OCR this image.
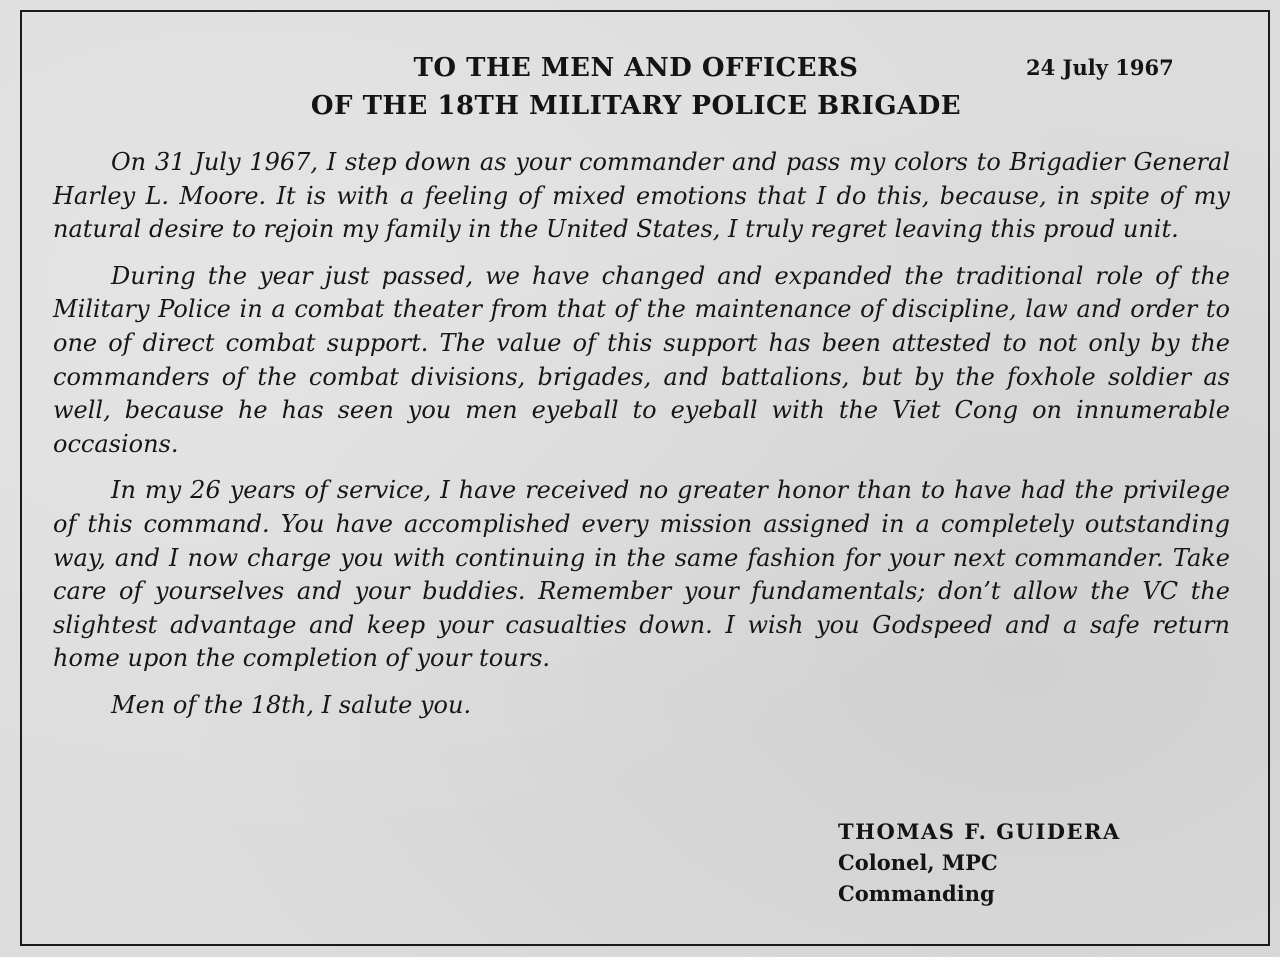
TO THE MEN AND OFFICERS
OF THE 18TH MILITARY POLICE BRIGADE
24 July 1967

On 31 July 1967, I step down as your commander and pass my colors to Brigadier General Harley L. Moore. It is with a feeling of mixed emotions that I do this, because, in spite of my natural desire to rejoin my family in the United States, I truly regret leaving this proud unit.

During the year just passed, we have changed and expanded the traditional role of the Military Police in a combat theater from that of the maintenance of discipline, law and order to one of direct combat support. The value of this support has been attested to not only by the commanders of the combat divisions, brigades, and battalions, but by the foxhole soldier as well, because he has seen you men eyeball to eyeball with the Viet Cong on innumerable occasions.

In my 26 years of service, I have received no greater honor than to have had the privilege of this command. You have accomplished every mission assigned in a completely outstanding way, and I now charge you with continuing in the same fashion for your next commander. Take care of yourselves and your buddies. Remember your fundamentals; don’t allow the VC the slightest advantage and keep your casualties down. I wish you Godspeed and a safe return home upon the completion of your tours.

Men of the 18th, I salute you.

THOMAS F. GUIDERA
Colonel, MPC
Commanding
